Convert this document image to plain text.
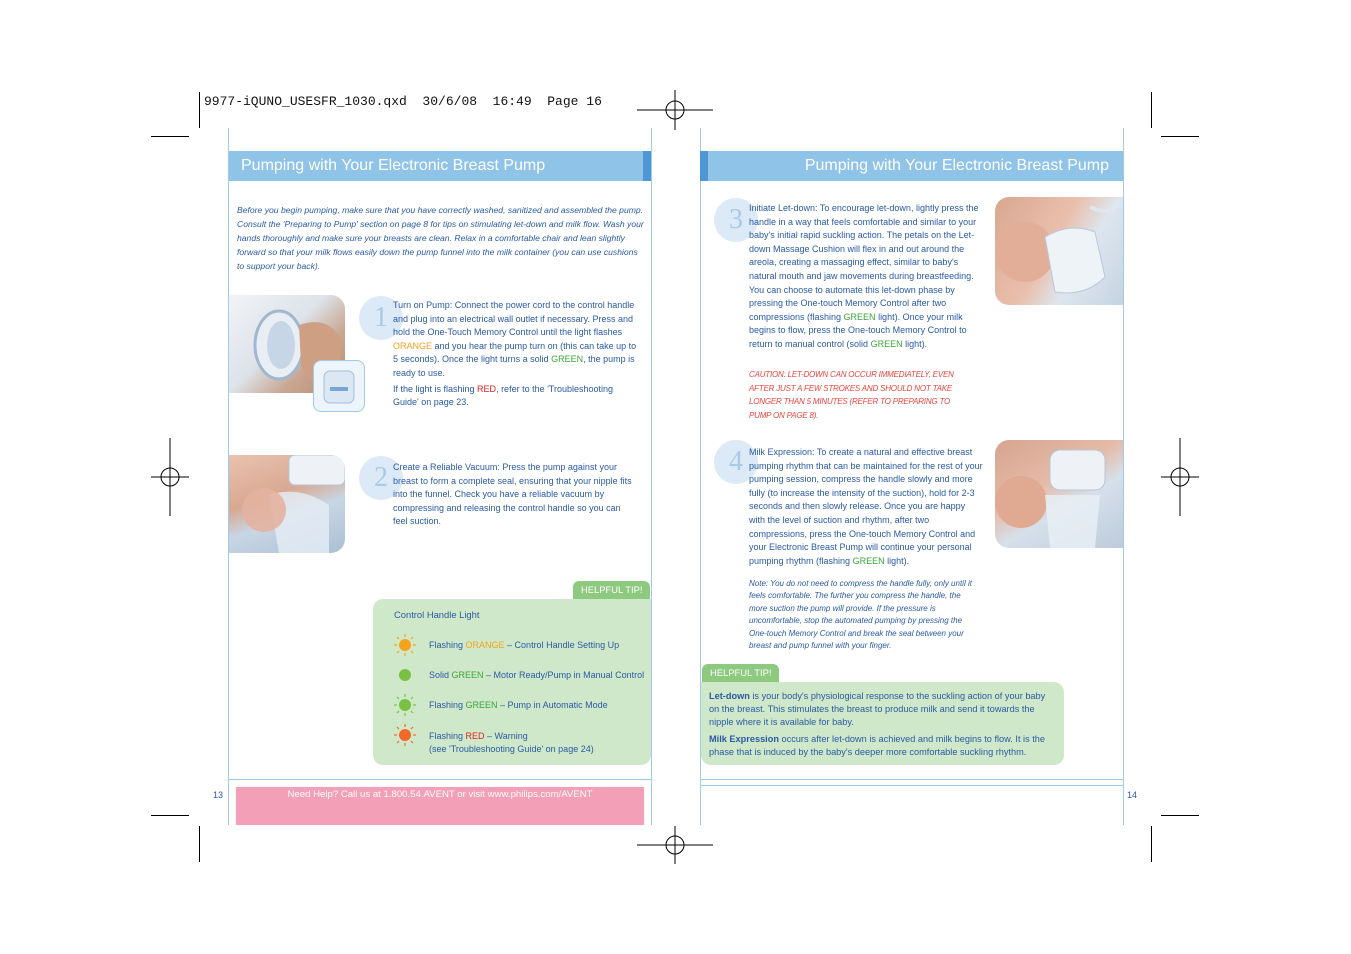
9977-iQUNO_USESFR_1030.qxd  30/6/08  16:49  Page 16
Pumping with Your Electronic Breast Pump
Before you begin pumping, make sure that you have correctly washed, sanitized and assembled the pump. Consult the 'Preparing to Pump' section on page 8 for tips on stimulating let-down and milk flow. Wash your hands thoroughly and make sure your breasts are clean. Relax in a comfortable chair and lean slightly forward so that your milk flows easily down the pump funnel into the milk container (you can use cushions to support your back).
1 Turn on Pump: Connect the power cord to the control handle and plug into an electrical wall outlet if necessary. Press and hold the One-Touch Memory Control until the light flashes ORANGE and you hear the pump turn on (this can take up to 5 seconds). Once the light turns a solid GREEN, the pump is ready to use.

If the light is flashing RED, refer to the 'Troubleshooting Guide' on page 23.

2 Create a Reliable Vacuum: Press the pump against your breast to form a complete seal, ensuring that your nipple fits into the funnel. Check you have a reliable vacuum by compressing and releasing the control handle so you can feel suction.
HELPFUL TIP!
Control Handle Light
Flashing ORANGE – Control Handle Setting Up
Solid GREEN – Motor Ready/Pump in Manual Control
Flashing GREEN – Pump in Automatic Mode
Flashing RED – Warning
(see 'Troubleshooting Guide' on page 24)
13	Need Help? Call us at 1.800.54.AVENT or visit www.philips.com/AVENT
Pumping with Your Electronic Breast Pump
3 Initiate Let-down: To encourage let-down, lightly press the handle in a way that feels comfortable and similar to your baby's initial rapid suckling action. The petals on the Let-down Massage Cushion will flex in and out around the areola, creating a massaging effect, similar to baby's natural mouth and jaw movements during breastfeeding. You can choose to automate this let-down phase by pressing the One-touch Memory Control after two compressions (flashing GREEN light). Once your milk begins to flow, press the One-touch Memory Control to return to manual control (solid GREEN light).
CAUTION: LET-DOWN CAN OCCUR IMMEDIATELY, EVEN AFTER JUST A FEW STROKES AND SHOULD NOT TAKE LONGER THAN 5 MINUTES (REFER TO PREPARING TO PUMP ON PAGE 8).
4 Milk Expression: To create a natural and effective breast pumping rhythm that can be maintained for the rest of your pumping session, compress the handle slowly and more fully (to increase the intensity of the suction), hold for 2-3 seconds and then slowly release. Once you are happy with the level of suction and rhythm, after two compressions, press the One-touch Memory Control and your Electronic Breast Pump will continue your personal pumping rhythm (flashing GREEN light).
Note: You do not need to compress the handle fully, only until it feels comfortable. The further you compress the handle, the more suction the pump will provide. If the pressure is uncomfortable, stop the automated pumping by pressing the One-touch Memory Control and break the seal between your breast and pump funnel with your finger.
HELPFUL TIP!

Let-down is your body's physiological response to the suckling action of your baby on the breast. This stimulates the breast to produce milk and send it towards the nipple where it is available for baby.

Milk Expression occurs after let-down is achieved and milk begins to flow. It is the phase that is induced by the baby's deeper more comfortable suckling rhythm.

14
